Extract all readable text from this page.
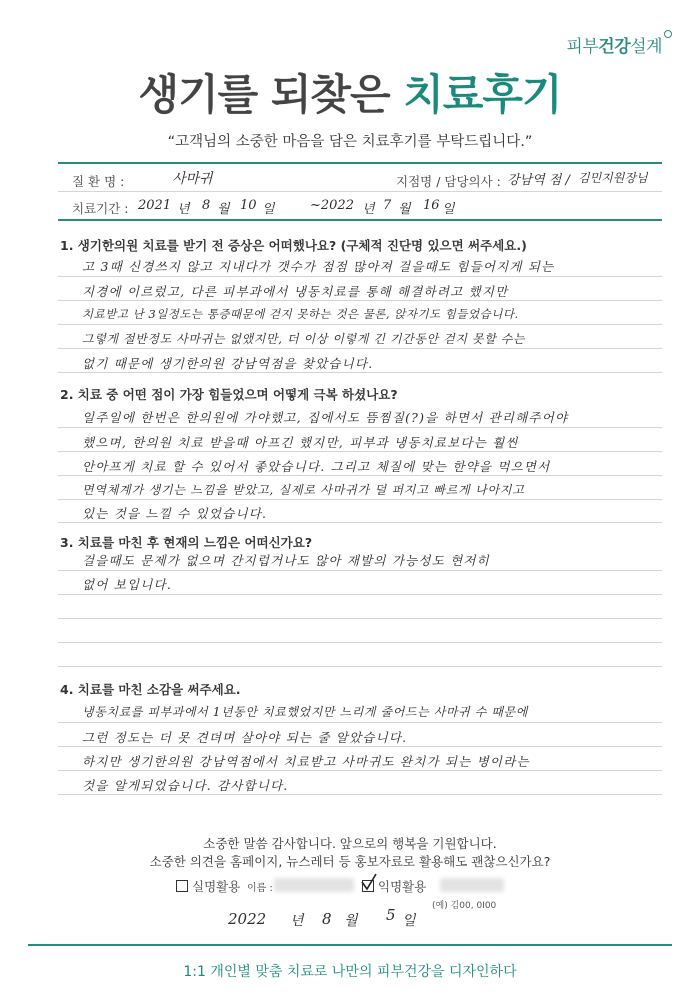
피부건강설계
생기를 되찾은 치료후기
“고객님의 소중한 마음을 담은 치료후기를 부탁드립니다.”
질 환 명 :	사마귀	지점명 / 담당의사 : 강남역 점 / 김민지원장님
치료기간 : 2021 년 8 월 10 일	~2022 년 7 월 16 일
1. 생기한의원 치료를 받기 전 증상은 어떠했나요? (구체적 진단명 있으면 써주세요.)
고 3때 신경쓰지 않고 지내다가 갯수가 점점 많아져 걸을때도 힘들어지게 되는
지경에 이르렀고, 다른 피부과에서 냉동치료를 통해 해결하려고 했지만
치료받고 난 3일정도는 통증때문에 걷지 못하는 것은 물론, 앉자기도 힘들었습니다.
그렇게 절반정도 사마귀는 없앴지만, 더 이상 이렇게 긴 기간동안 걷지 못할 수는
없기 때문에 생기한의원 강남역점을 찾았습니다.
2. 치료 중 어떤 점이 가장 힘들었으며 어떻게 극복 하셨나요?
일주일에 한번은 한의원에 가야했고, 집에서도 뜸찜질(?)을 하면서 관리해주어야
했으며, 한의원 치료 받을때 아프긴 했지만, 피부과 냉동치료보다는 훨씬
안아프게 치료 할 수 있어서 좋았습니다. 그리고 체질에 맞는 한약을 먹으면서
면역체계가 생기는 느낌을 받았고, 실제로 사마귀가 덜 퍼지고 빠르게 나아지고
있는 것을 느낄 수 있었습니다.
3. 치료를 마친 후 현재의 느낌은 어떠신가요?
걸을때도 문제가 없으며 간지럽거나도 않아 재발의 가능성도 현저히
없어 보입니다.
4. 치료를 마친 소감을 써주세요.
냉동치료를 피부과에서 1년동안 치료했었지만 느리게 줄어드는 사마귀 수 때문에
그런 정도는 더 못 견뎌며 살아야 되는 줄 알았습니다.
하지만 생기한의원 강남역점에서 치료받고 사마귀도 완치가 되는 병이라는
것을 알게되었습니다. 감사합니다.
소중한 말씀 감사합니다. 앞으로의 행복을 기원합니다.
소중한 의견을 홈페이지, 뉴스레터 등 홍보자료로 활용해도 괜찮으신가요?
실명활용 이름 :	익명활용
(예) 김00, 0I00
2022 년 8 월 5 일
1:1 개인별 맞춤 치료로 나만의 피부건강을 디자인하다
